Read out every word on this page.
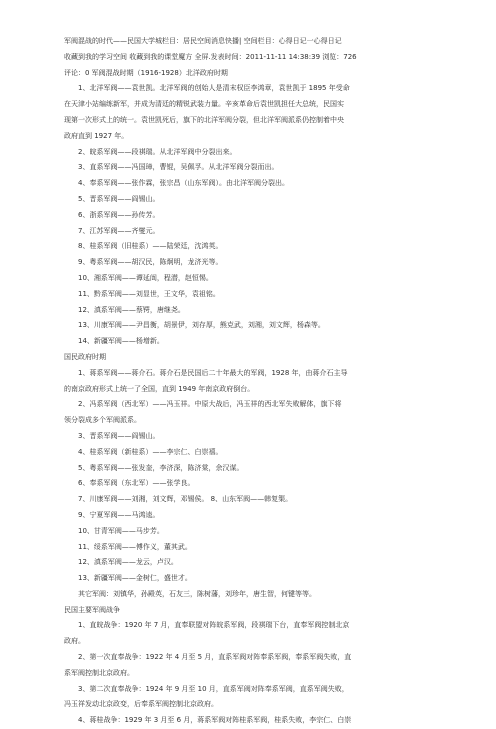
军阀混战的时代——民国大学城栏目：居民空间消息快播| 空间栏目：心得日记一心得日记
收藏到我的学习空间 收藏到我的课堂魔方 全屏.发表时间：2011-11-11 14:38:39 浏览：726
评论：0 军阀混战时期（1916-1928）北洋政府时期
1、北洋军阀——袁世凯。北洋军阀的创始人是清末权臣李鸿章，袁世凯于 1895 年受命
在天津小站编练新军，并成为清廷的精锐武装力量。辛亥革命后袁世凯担任大总统，民国实
现第一次形式上的统一。袁世凯死后，旗下的北洋军阀分裂，但北洋军阀派系仍控制着中央
政府直到 1927 年。
2、皖系军阀——段祺瑞。从北洋军阀中分裂出来。
3、直系军阀——冯国璋，曹锟，吴佩孚。从北洋军阀分裂而出。
4、奉系军阀——张作霖，张宗昌（山东军阀）。由北洋军阀分裂出。
5、晋系军阀——阎锡山。
6、浙系军阀——孙传芳。
7、江苏军阀——齐燮元。
8、桂系军阀（旧桂系）——陆荣廷，沈鸿英。
9、粤系军阀——胡汉民，陈炯明，龙济光等。
10、湘系军阀——谭延闿，程潜，赵恒惕。
11、黔系军阀——刘显世，王文华，袁祖铭。
12、滇系军阀——蔡锷，唐继尧。
13、川康军阀——尹昌衡，胡景伊，刘存厚，熊克武，刘湘，刘文辉，杨森等。
14、新疆军阀——杨增新。
国民政府时期
1、蒋系军阀——蒋介石。蒋介石是民国后二十年最大的军阀，1928 年，由蒋介石主导
的南京政府形式上统一了全国，直到 1949 年南京政府倒台。
2、冯系军阀（西北军）——冯玉祥。中原大战后，冯玉祥的西北军失败解体，旗下将
领分裂成多个军阀派系。
3、晋系军阀——阎锡山。
4、桂系军阀（新桂系）——李宗仁、白崇禧。
5、粤系军阀——张发奎，李济深，陈济棠，余汉谋。
6、奉系军阀（东北军）——张学良。
7、川康军阀——刘湘，刘文辉，邓锡侯。 8、山东军阀——韩复榘。
9、宁夏军阀——马鸿逵。
10、甘青军阀——马步芳。
11、绥系军阀——傅作义，董其武。
12、滇系军阀——龙云，卢汉。
13、新疆军阀——金树仁，盛世才。
其它军阀：刘镇华，孙殿英，石友三，陈树藩，刘珍年，唐生智，何键等等。
民国主要军阀战争
1、直皖战争：1920 年 7 月，直奉联盟对阵皖系军阀，段祺瑞下台，直奉军阀控制北京
政府。
2、第一次直奉战争：1922 年 4 月至 5 月，直系军阀对阵奉系军阀，奉系军阀失败，直
系军阀控制北京政府。
3、第二次直奉战争：1924 年 9 月至 10 月，直系军阀对阵奉系军阀，直系军阀失败，
冯玉祥发动北京政变，后奉系军阀控制北京政府。
4、蒋桂战争：1929 年 3 月至 6 月，蒋系军阀对阵桂系军阀，桂系失败，李宗仁、白崇
